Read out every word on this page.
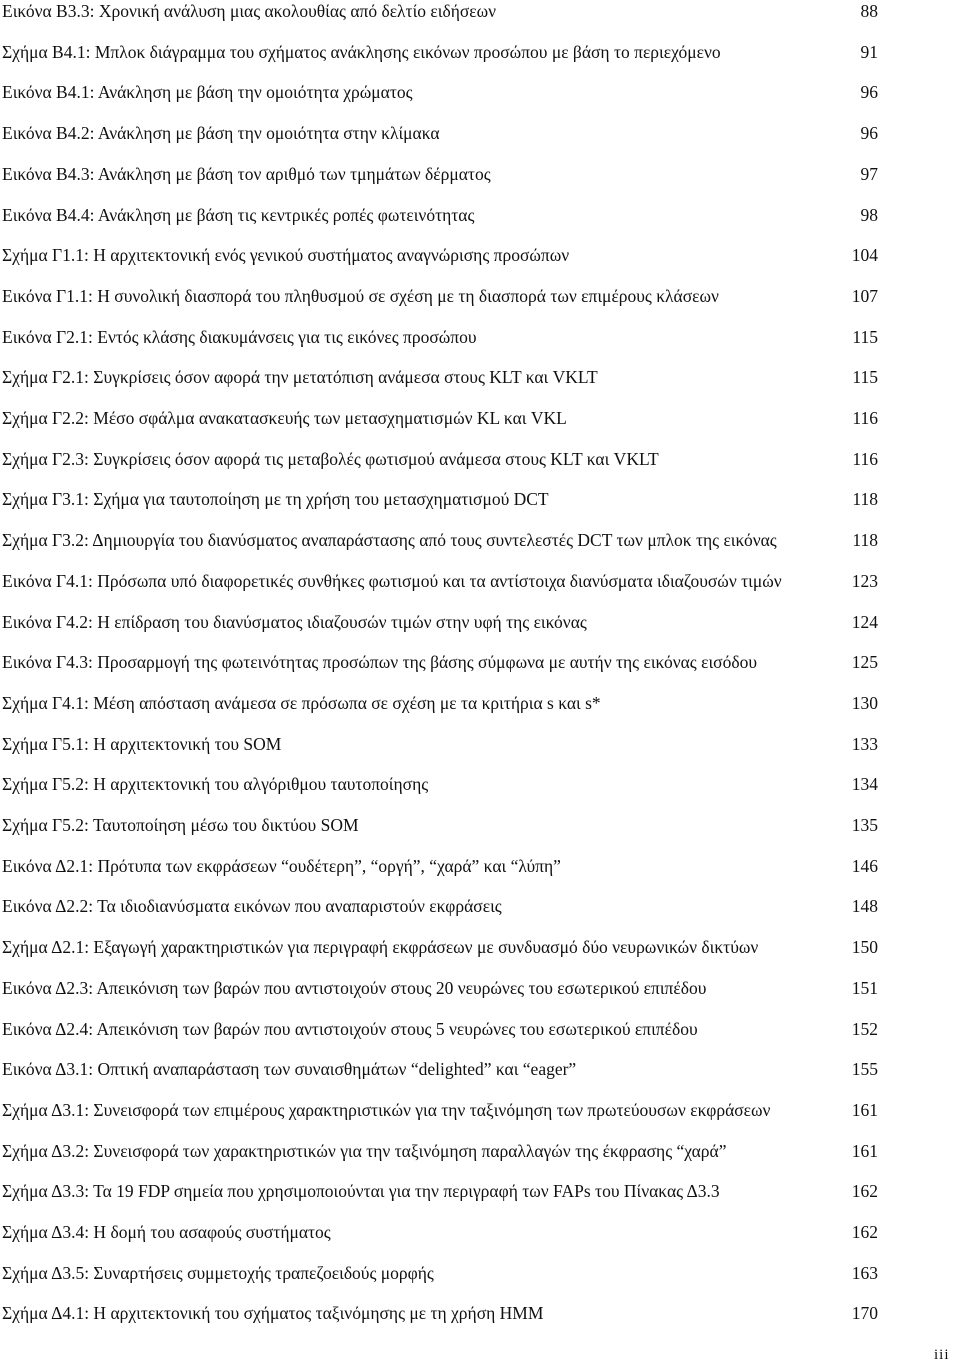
Εικόνα Β3.3: Χρονική ανάλυση μιας ακολουθίας από δελτίο ειδήσεων	88
Σχήμα Β4.1: Μπλοκ διάγραμμα του σχήματος ανάκλησης εικόνων προσώπου με βάση το περιεχόμενο	91
Εικόνα Β4.1: Ανάκληση με βάση την ομοιότητα χρώματος	96
Εικόνα Β4.2: Ανάκληση με βάση την ομοιότητα στην κλίμακα	96
Εικόνα Β4.3: Ανάκληση με βάση τον αριθμό των τμημάτων δέρματος	97
Εικόνα Β4.4: Ανάκληση με βάση τις κεντρικές ροπές φωτεινότητας	98
Σχήμα Γ1.1: Η αρχιτεκτονική ενός γενικού συστήματος αναγνώρισης προσώπων	104
Εικόνα Γ1.1: Η συνολική διασπορά του πληθυσμού σε σχέση με τη διασπορά των επιμέρους κλάσεων	107
Εικόνα Γ2.1: Εντός κλάσης διακυμάνσεις για τις εικόνες προσώπου	115
Σχήμα Γ2.1: Συγκρίσεις όσον αφορά την μετατόπιση ανάμεσα στους KLT και VKLT	115
Σχήμα Γ2.2: Μέσο σφάλμα ανακατασκευής των μετασχηματισμών KL και VKL	116
Σχήμα Γ2.3: Συγκρίσεις όσον αφορά τις μεταβολές φωτισμού ανάμεσα στους KLT και VKLT	116
Σχήμα Γ3.1: Σχήμα για ταυτοποίηση με τη χρήση του μετασχηματισμού DCT	118
Σχήμα Γ3.2: Δημιουργία του διανύσματος αναπαράστασης από τους συντελεστές DCT των μπλοκ της εικόνας	118
Εικόνα Γ4.1: Πρόσωπα υπό διαφορετικές συνθήκες φωτισμού και τα αντίστοιχα διανύσματα ιδιαζουσών τιμών	123
Εικόνα Γ4.2: Η επίδραση του διανύσματος ιδιαζουσών τιμών στην υφή της εικόνας	124
Εικόνα Γ4.3: Προσαρμογή της φωτεινότητας προσώπων της βάσης σύμφωνα με αυτήν της εικόνας εισόδου	125
Σχήμα Γ4.1: Μέση απόσταση ανάμεσα σε πρόσωπα σε σχέση με τα κριτήρια s και s*	130
Σχήμα Γ5.1: Η αρχιτεκτονική του SOM	133
Σχήμα Γ5.2: Η αρχιτεκτονική του αλγόριθμου ταυτοποίησης	134
Σχήμα Γ5.2: Ταυτοποίηση μέσω του δικτύου SOM	135
Εικόνα Δ2.1: Πρότυπα των εκφράσεων “ουδέτερη”, “οργή”, “χαρά” και “λύπη”	146
Εικόνα Δ2.2: Τα ιδιοδιανύσματα εικόνων που αναπαριστούν εκφράσεις	148
Σχήμα Δ2.1: Εξαγωγή χαρακτηριστικών για περιγραφή εκφράσεων με συνδυασμό δύο νευρωνικών δικτύων	150
Εικόνα Δ2.3: Απεικόνιση των βαρών που αντιστοιχούν στους 20 νευρώνες του εσωτερικού επιπέδου	151
Εικόνα Δ2.4: Απεικόνιση των βαρών που αντιστοιχούν στους 5 νευρώνες του εσωτερικού επιπέδου	152
Εικόνα Δ3.1: Οπτική αναπαράσταση των συναισθημάτων “delighted” και “eager”	155
Σχήμα Δ3.1: Συνεισφορά των επιμέρους χαρακτηριστικών για την ταξινόμηση των πρωτεύουσων εκφράσεων	161
Σχήμα Δ3.2: Συνεισφορά των χαρακτηριστικών για την ταξινόμηση παραλλαγών της έκφρασης “χαρά”	161
Σχήμα Δ3.3: Τα 19 FDP σημεία που χρησιμοποιούνται για την περιγραφή των FAPs του Πίνακας Δ3.3	162
Σχήμα Δ3.4: Η δομή του ασαφούς συστήματος	162
Σχήμα Δ3.5: Συναρτήσεις συμμετοχής τραπεζοειδούς μορφής	163
Σχήμα Δ4.1: Η αρχιτεκτονική του σχήματος ταξινόμησης με τη χρήση HMM	170
iii
